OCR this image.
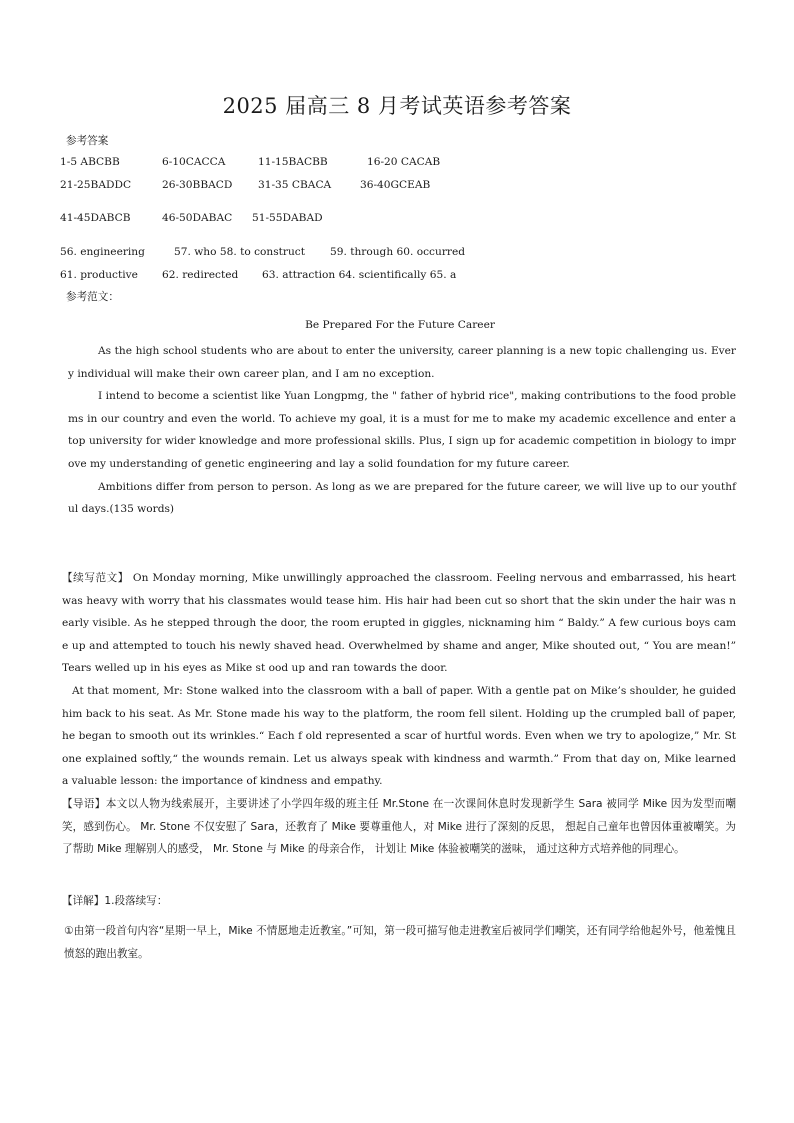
2025 届高三 8 月考试英语参考答案
参考答案
1-5 ABCBB	6-10CACCA	11-15BACBB	16-20 CACAB
21-25BADDC	26-30BBACD 31-35 CBACA	36-40GCEAB
41-45DABCB	46-50DABAC 51-55DABAD
56. engineering	57. who 58. to construct 59. through 60. occurred
61. productive 62. redirected 63. attraction 64. scientifically 65. a
参考范文：
Be Prepared For the Future Career

As the high school students who are about to enter the university, career planning is a new topic challenging us. Every individual will make their own career plan, and I am no exception.

I intend to become a scientist like Yuan Longpmg, the " father of hybrid rice", making contributions to the food problems in our country and even the world. To achieve my goal, it is a must for me to make my academic excellence and enter a top university for wider knowledge and more professional skills. Plus, I sign up for academic competition in biology to improve my understanding of genetic engineering and lay a solid foundation for my future career.

Ambitions differ from person to person. As long as we are prepared for the future career, we will live up to our youthful days.(135 words)

【续写范文】 On Monday morning, Mike unwillingly approached the classroom. Feeling nervous and embarrassed, his heart was heavy with worry that his classmates would tease him. His hair had been cut so short that the skin under the hair was nearly visible. As he stepped through the door, the room erupted in giggles, nicknaming him “ Baldy.” A few curious boys came up and attempted to touch his newly shaved head. Overwhelmed by shame and anger, Mike shouted out, “ You are mean!” Tears welled up in his eyes as Mike st ood up and ran towards the door.

At that moment, Mr: Stone walked into the classroom with a ball of paper. With a gentle pat on Mike’s shoulder, he guided him back to his seat. As Mr. Stone made his way to the platform, the room fell silent. Holding up the crumpled ball of paper, he began to smooth out its wrinkles.“ Each f old represented a scar of hurtful words. Even when we try to apologize,” Mr. Stone explained softly,“ the wounds remain. Let us always speak with kindness and warmth.” From that day on, Mike learned a valuable lesson: the importance of kindness and empathy.

【导语】本文以人物为线索展开，主要讲述了小学四年级的班主任 Mr.Stone 在一次课间休息时发现新学生 Sara 被同学 Mike 因为发型而嘲笑，感到伤心。 Mr. Stone 不仅安慰了 Sara，还教育了 Mike 要尊重他人，对 Mike 进行了深刻的反思， 想起自己童年也曾因体重被嘲笑。为了帮助 Mike 理解别人的感受， Mr. Stone 与 Mike 的母亲合作， 计划让 Mike 体验被嘲笑的滋味， 通过这种方式培养他的同理心。

【详解】1.段落续写：

①由第一段首句内容“星期一早上，Mike 不情愿地走近教室。”可知，第一段可描写他走进教室后被同学们嘲笑，还有同学给他起外号，他羞愧且愤怒的跑出教室。
